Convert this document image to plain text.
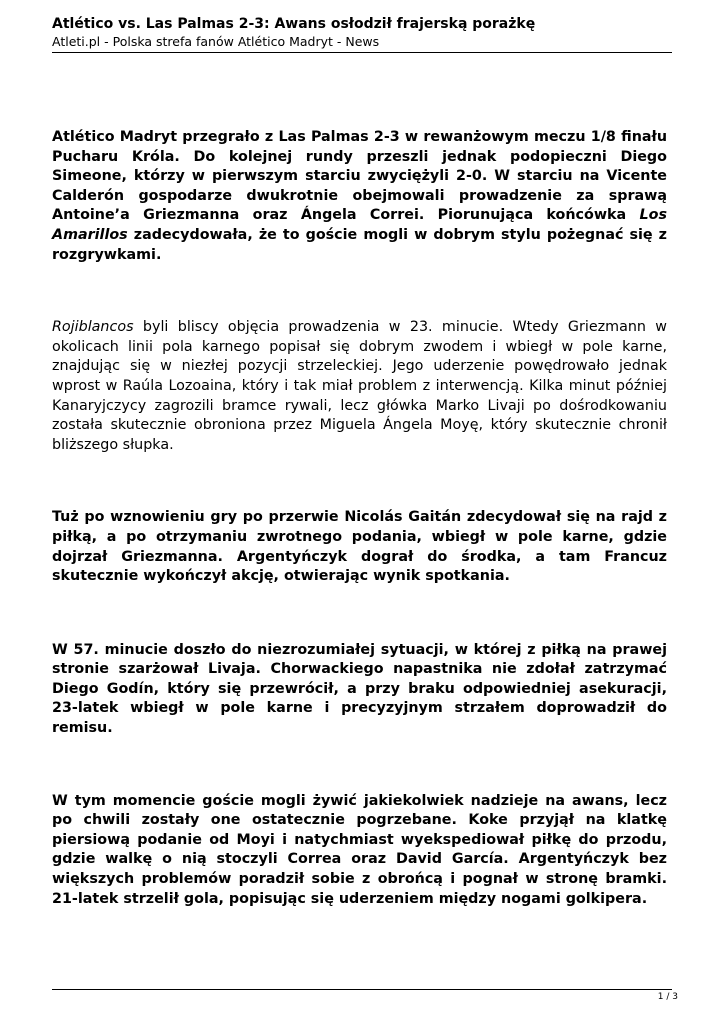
Atlético vs. Las Palmas 2-3: Awans osłodził frajerską porażkę
Atleti.pl - Polska strefa fanów Atlético Madryt - News

Atlético Madryt przegrało z Las Palmas 2-3 w rewanżowym meczu 1/8 finału Pucharu Króla. Do kolejnej rundy przeszli jednak podopieczni Diego Simeone, którzy w pierwszym starciu zwyciężyli 2-0. W starciu na Vicente Calderón gospodarze dwukrotnie obejmowali prowadzenie za sprawą Antoine’a Griezmanna oraz Ángela Correi. Piorunująca końcówka Los Amarillos zadecydowała, że to goście mogli w dobrym stylu pożegnać się z rozgrywkami.

Rojiblancos byli bliscy objęcia prowadzenia w 23. minucie. Wtedy Griezmann w okolicach linii pola karnego popisał się dobrym zwodem i wbiegł w pole karne, znajdując się w niezłej pozycji strzeleckiej. Jego uderzenie powędrowało jednak wprost w Raúla Lozoaina, który i tak miał problem z interwencją. Kilka minut później Kanaryjczycy zagrozili bramce rywali, lecz główka Marko Livaji po dośrodkowaniu została skutecznie obroniona przez Miguela Ángela Moyę, który skutecznie chronił bliższego słupka.

Tuż po wznowieniu gry po przerwie Nicolás Gaitán zdecydował się na rajd z piłką, a po otrzymaniu zwrotnego podania, wbiegł w pole karne, gdzie dojrzał Griezmanna. Argentyńczyk dograł do środka, a tam Francuz skutecznie wykończył akcję, otwierając wynik spotkania.

W 57. minucie doszło do niezrozumiałej sytuacji, w której z piłką na prawej stronie szarżował Livaja. Chorwackiego napastnika nie zdołał zatrzymać Diego Godín, który się przewrócił, a przy braku odpowiedniej asekuracji, 23-latek wbiegł w pole karne i precyzyjnym strzałem doprowadził do remisu.

W tym momencie goście mogli żywić jakiekolwiek nadzieje na awans, lecz po chwili zostały one ostatecznie pogrzebane. Koke przyjął na klatkę piersiową podanie od Moyi i natychmiast wyekspediował piłkę do przodu, gdzie walkę o nią stoczyli Correa oraz David García. Argentyńczyk bez większych problemów poradził sobie z obrońcą i pognał w stronę bramki. 21-latek strzelił gola, popisując się uderzeniem między nogami golkipera.

1 / 3
